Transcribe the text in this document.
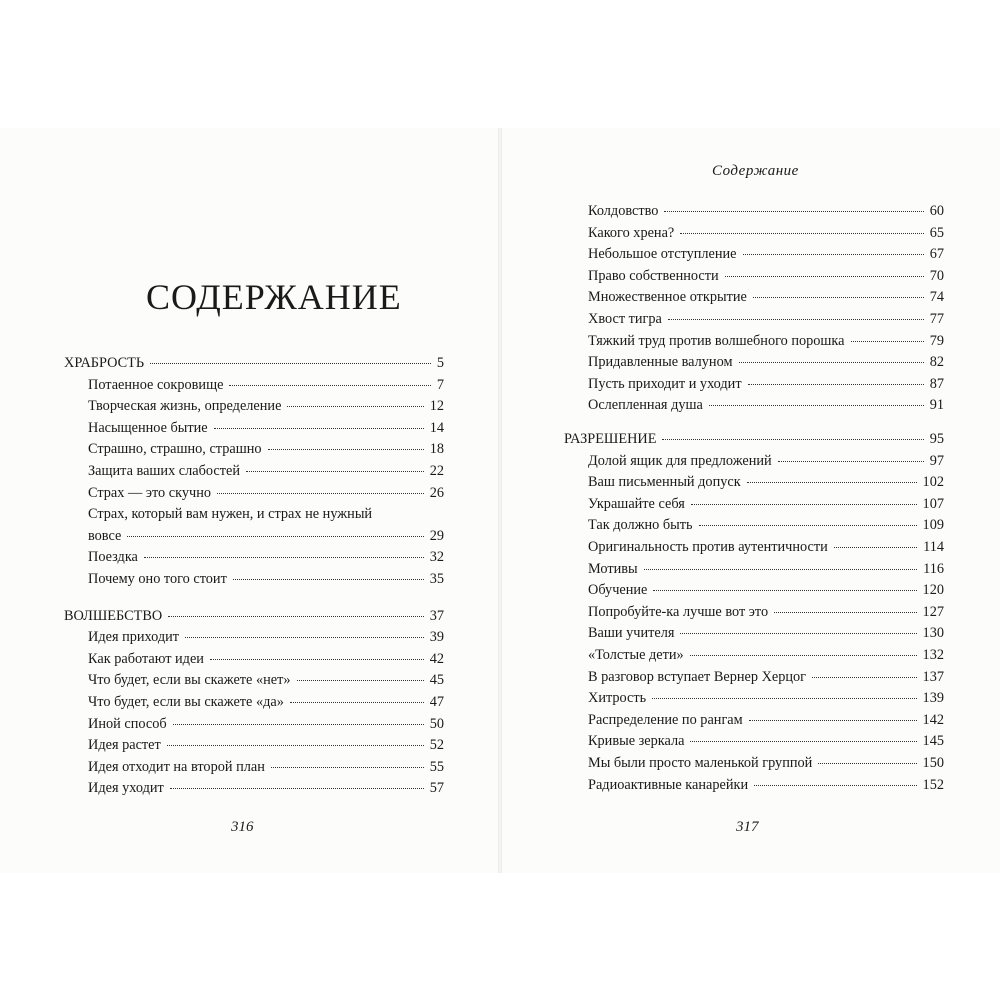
СОДЕРЖАНИЕ
ХРАБРОСТЬ	5
Потаенное сокровище	7
Творческая жизнь, определение	12
Насыщенное бытие	14
Страшно, страшно, страшно	18
Защита ваших слабостей	22
Страх — это скучно	26
Страх, который вам нужен, и страх не нужный
вовсе	29
Поездка	32
Почему оно того стоит	35
ВОЛШЕБСТВО	37
Идея приходит	39
Как работают идеи	42
Что будет, если вы скажете «нет»	45
Что будет, если вы скажете «да»	47
Иной способ	50
Идея растет	52
Идея отходит на второй план	55
Идея уходит	57
316
Содержание
Колдовство	60
Какого хрена?	65
Небольшое отступление	67
Право собственности	70
Множественное открытие	74
Хвост тигра	77
Тяжкий труд против волшебного порошка	79
Придавленные валуном	82
Пусть приходит и уходит	87
Ослепленная душа	91
РАЗРЕШЕНИЕ	95
Долой ящик для предложений	97
Ваш письменный допуск	102
Украшайте себя	107
Так должно быть	109
Оригинальность против аутентичности	114
Мотивы	116
Обучение	120
Попробуйте-ка лучше вот это	127
Ваши учителя	130
«Толстые дети»	132
В разговор вступает Вернер Херцог	137
Хитрость	139
Распределение по рангам	142
Кривые зеркала	145
Мы были просто маленькой группой	150
Радиоактивные канарейки	152
317
